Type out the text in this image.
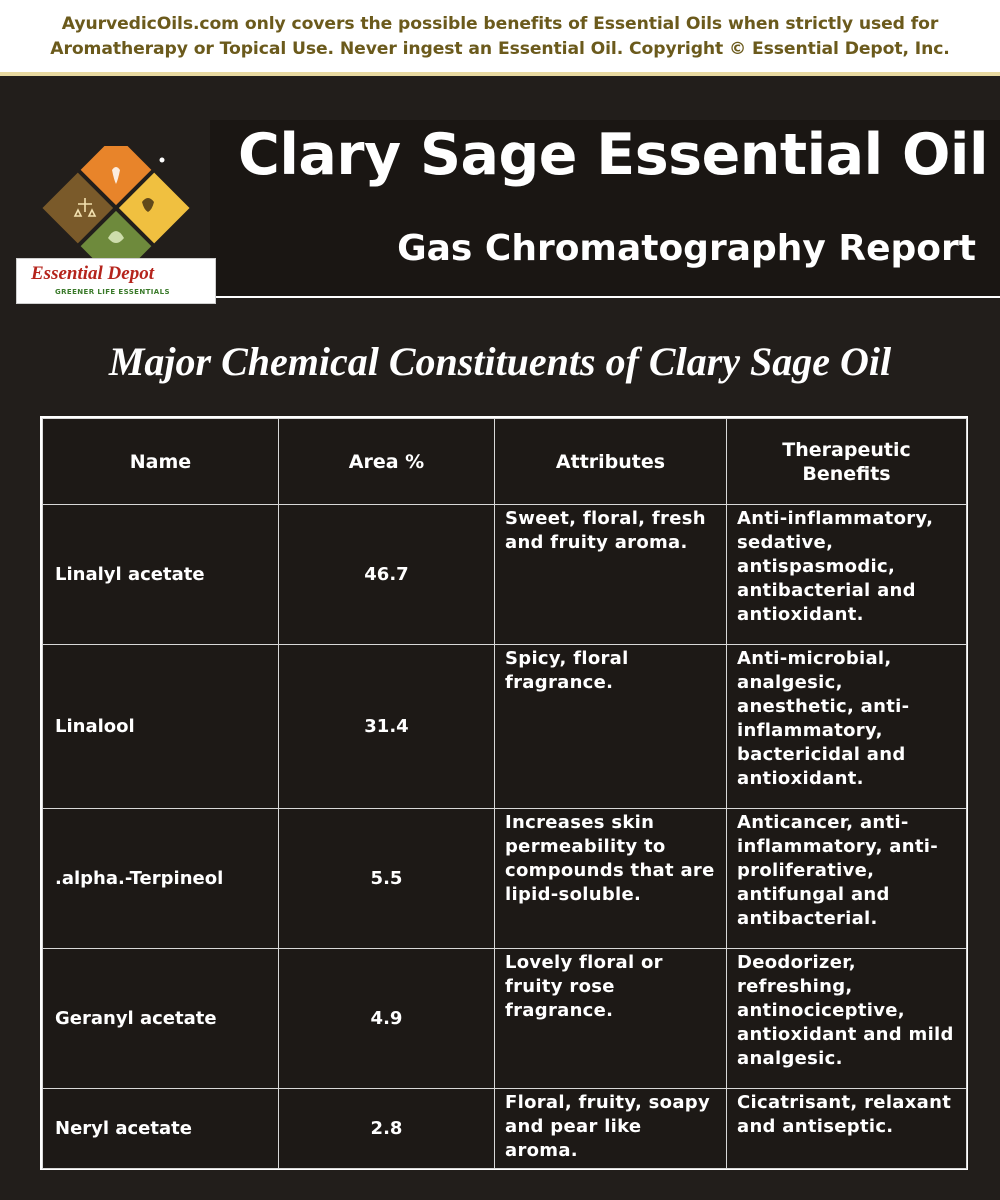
AyurvedicOils.com only covers the possible benefits of Essential Oils when strictly used for
Aromatherapy or Topical Use. Never ingest an Essential Oil. Copyright © Essential Depot, Inc.
Clary Sage Essential Oil
Gas Chromatography Report
Essential Depot
GREENER LIFE ESSENTIALS
Major Chemical Constituents of Clary Sage Oil
Name	Area %	Attributes	Therapeutic Benefits
Linalyl acetate	46.7	Sweet, floral, fresh and fruity aroma.	Anti-inflammatory, sedative, antispasmodic, antibacterial and antioxidant.
Linalool	31.4	Spicy, floral fragrance.	Anti-microbial, analgesic, anesthetic, anti-inflammatory, bactericidal and antioxidant.
.alpha.-Terpineol	5.5	Increases skin permeability to compounds that are lipid-soluble.	Anticancer, anti-inflammatory, anti-proliferative, antifungal and antibacterial.
Geranyl acetate	4.9	Lovely floral or fruity rose fragrance.	Deodorizer, refreshing, antinociceptive, antioxidant and mild analgesic.
Neryl acetate	2.8	Floral, fruity, soapy and pear like aroma.	Cicatrisant, relaxant and antiseptic.
